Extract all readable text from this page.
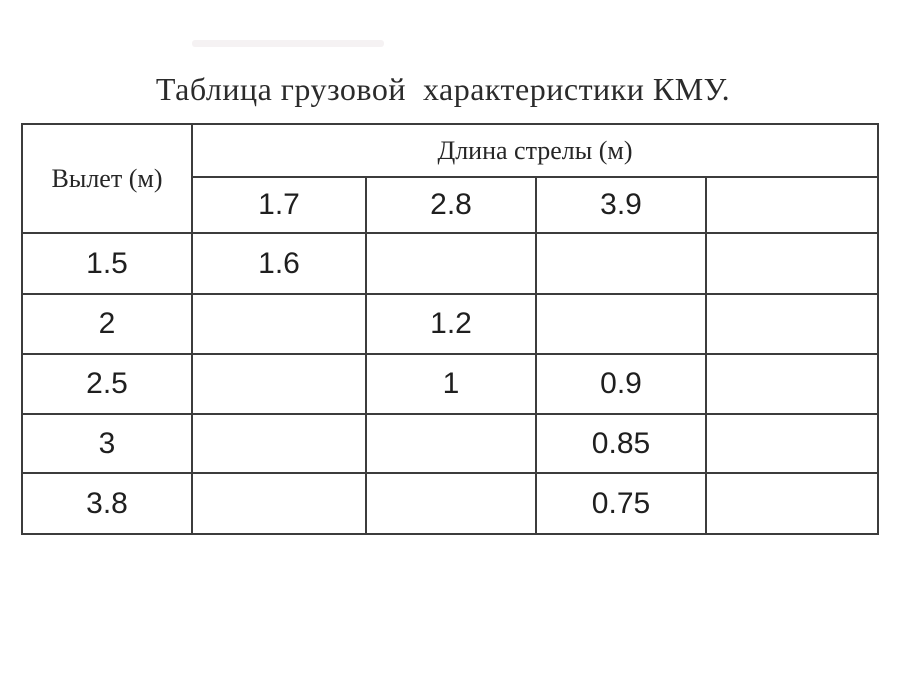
Таблица грузовой  характеристики КМУ.
Вылет (м)	Длина стрелы (м)			
	1.7	2.8	3.9	
1.5	1.6			
2		1.2		
2.5		1	0.9	
3			0.85	
3.8			0.75	
